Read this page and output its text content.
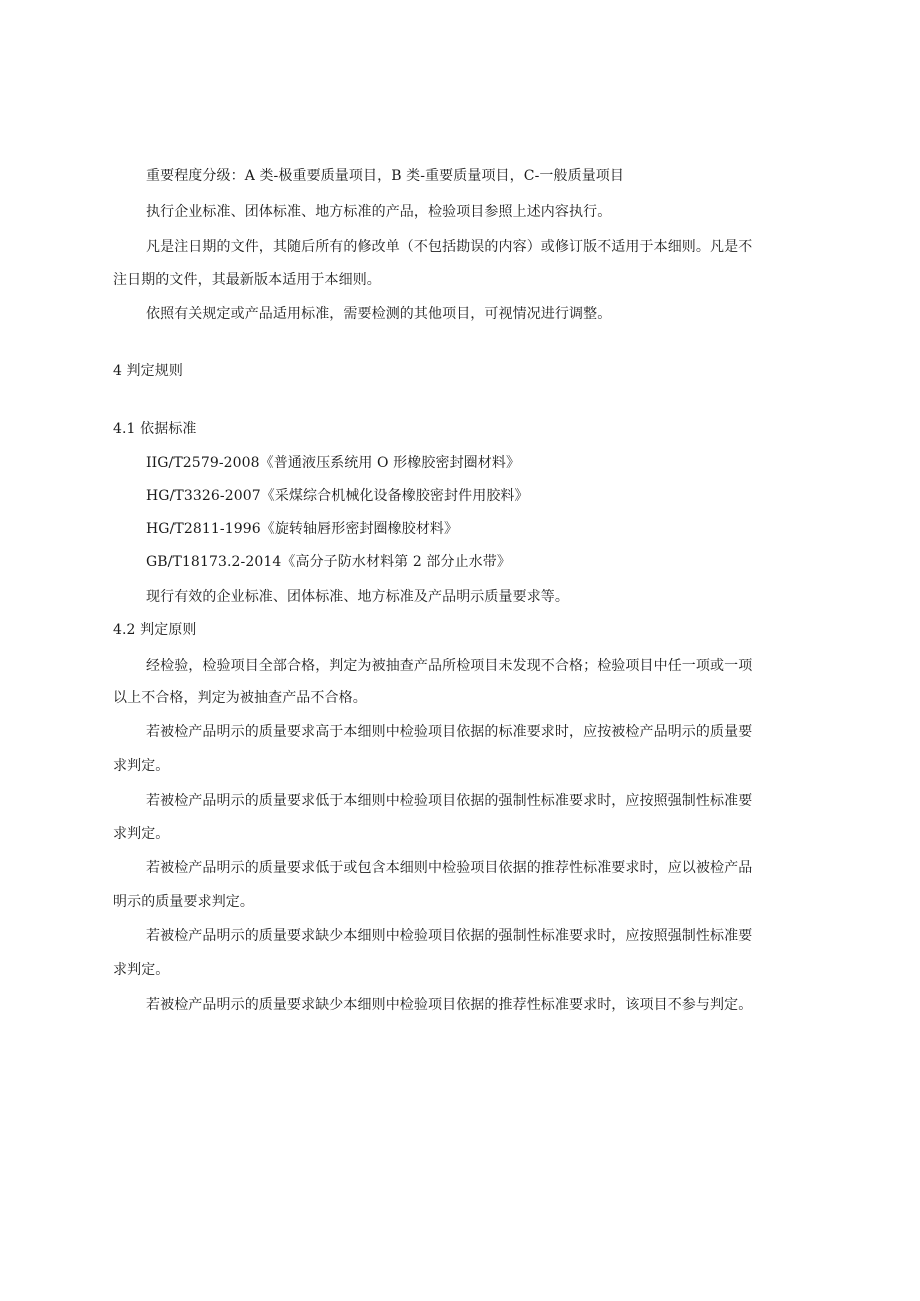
重要程度分级：A 类-极重要质量项目，B 类-重要质量项目，C-一般质量项目
执行企业标准、团体标准、地方标准的产品，检验项目参照上述内容执行。
凡是注日期的文件，其随后所有的修改单（不包括勘误的内容）或修订版不适用于本细则。凡是不
注日期的文件，其最新版本适用于本细则。
依照有关规定或产品适用标准，需要检测的其他项目，可视情况进行调整。
4 判定规则
4.1 依据标准
IIG/T2579-2008《普通液压系统用 O 形橡胶密封圈材料》
HG/T3326-2007《采煤综合机械化设备橡胶密封件用胶料》
HG/T2811-1996《旋转轴唇形密封圈橡胶材料》
GB/T18173.2-2014《高分子防水材料第 2 部分止水带》
现行有效的企业标准、团体标准、地方标准及产品明示质量要求等。
4.2 判定原则
经检验，检验项目全部合格，判定为被抽查产品所检项目未发现不合格；检验项目中任一项或一项
以上不合格，判定为被抽查产品不合格。
若被检产品明示的质量要求高于本细则中检验项目依据的标准要求时，应按被检产品明示的质量要
求判定。
若被检产品明示的质量要求低于本细则中检验项目依据的强制性标准要求时，应按照强制性标准要
求判定。
若被检产品明示的质量要求低于或包含本细则中检验项目依据的推荐性标准要求时，应以被检产品
明示的质量要求判定。
若被检产品明示的质量要求缺少本细则中检验项目依据的强制性标准要求时，应按照强制性标准要
求判定。
若被检产品明示的质量要求缺少本细则中检验项目依据的推荐性标准要求时，该项目不参与判定。
